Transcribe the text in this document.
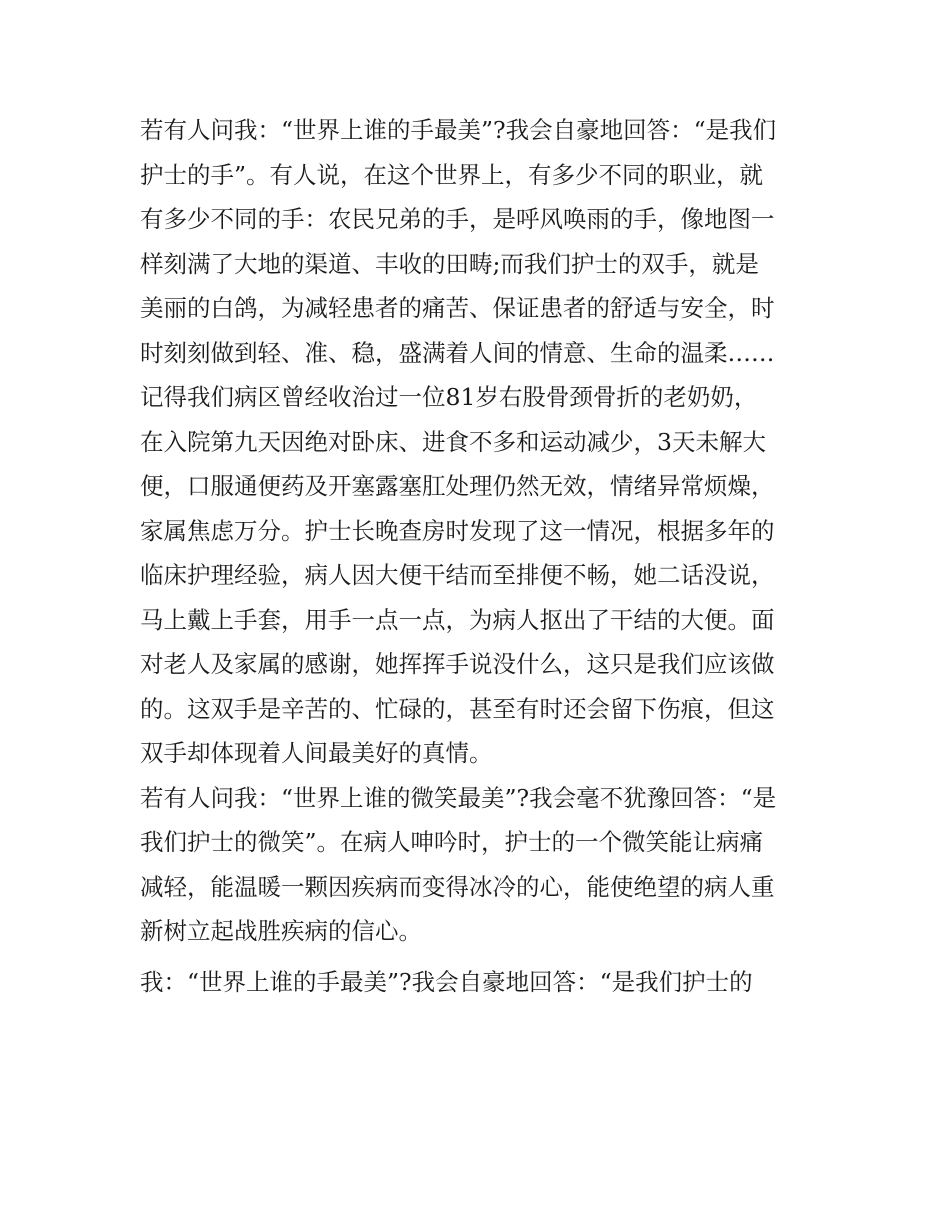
若有人问我：“世界上谁的手最美”?我会自豪地回答：“是我们
护士的手”。有人说，在这个世界上，有多少不同的职业，就
有多少不同的手：农民兄弟的手，是呼风唤雨的手，像地图一
样刻满了大地的渠道、丰收的田畴;而我们护士的双手，就是
美丽的白鸽，为减轻患者的痛苦、保证患者的舒适与安全，时
时刻刻做到轻、准、稳，盛满着人间的情意、生命的温柔……
记得我们病区曾经收治过一位81岁右股骨颈骨折的老奶奶，
在入院第九天因绝对卧床、进食不多和运动减少，3天未解大
便，口服通便药及开塞露塞肛处理仍然无效，情绪异常烦燥，
家属焦虑万分。护士长晚查房时发现了这一情况，根据多年的
临床护理经验，病人因大便干结而至排便不畅，她二话没说，
马上戴上手套，用手一点一点，为病人抠出了干结的大便。面
对老人及家属的感谢，她挥挥手说没什么，这只是我们应该做
的。这双手是辛苦的、忙碌的，甚至有时还会留下伤痕，但这
双手却体现着人间最美好的真情。
若有人问我：“世界上谁的微笑最美”?我会毫不犹豫回答：“是
我们护士的微笑”。在病人呻吟时，护士的一个微笑能让病痛
减轻，能温暖一颗因疾病而变得冰冷的心，能使绝望的病人重
新树立起战胜疾病的信心。
我：“世界上谁的手最美”?我会自豪地回答：“是我们护士的
